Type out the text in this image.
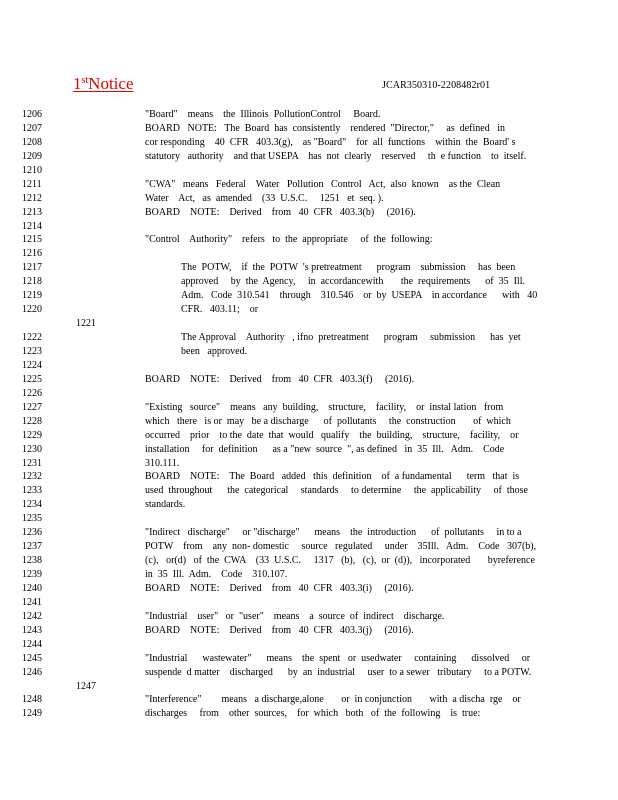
1stNotice	JCAR350310-2208482r01
1206	"Board"    means    the  Illinois  PollutionControl     Board.
1207	BOARD   NOTE:   The  Board  has  consistently    rendered  "Director,"     as  defined   in
1208	cor responding    40  CFR   403.3(g),    as "Board"    for  all  functions    within  the  Board' s
1209	statutory   authority    and that USEPA    has  not  clearly    reserved     th  e function    to  itself.
1210
1211	"CWA"   means   Federal    Water   Pollution   Control   Act,  also  known    as the  Clean
1212	Water    Act,   as  amended    (33  U.S.C.     1251   et  seq. ).
1213	BOARD    NOTE:    Derived    from   40  CFR   403.3(b)     (2016).
1214
1215	"Control    Authority"    refers   to  the  appropriate     of  the  following:
1216
1217	The  POTW,    if  the  POTW  's pretreatment      program    submission     has  been
1218	approved     by  the  Agency,     in  accordancewith       the  requirements      of  35  Ill.
1219	Adm.   Code  310.541    through    310.546    or  by  USEPA    in accordance      with   40
1220	CFR.   403.11;    or
1221
1222	The Approval    Authority   , ifno  pretreatment      program     submission      has  yet
1223	been   approved.
1224
1225	BOARD    NOTE:    Derived    from   40  CFR   403.3(f)     (2016).
1226
1227	"Existing   source"    means   any  building,    structure,    facility,    or  instal lation   from
1228	which   there   is or  may   be a discharge      of  pollutants     the  construction       of  which
1229	occurred    prior    to the  date  that  would   qualify    the  building,    structure,    facility,    or
1230	installation     for  definition      as a "new  source  ", as defined   in  35  Ill.   Adm.    Code
1231	310.111.
1232	BOARD    NOTE:    The  Board   added   this  definition    of  a fundamental      term   that  is
1233	used  throughout      the  categorical     standards     to determine     the  applicability     of  those
1234	standards.
1235
1236	"Indirect   discharge"     or "discharge"      means    the  introduction      of  pollutants     in to a
1237	POTW    from    any  non- domestic     source   regulated     under    35Ill.   Adm.    Code   307(b),
1238	(c),   or(d)   of  the  CWA    (33  U.S.C.     1317   (b),   (c),  or  (d)),   incorporated       byreference
1239	in  35  Ill.  Adm.    Code    310.107.
1240	BOARD    NOTE:    Derived    from   40  CFR   403.3(i)     (2016).
1241
1242	"Industrial    user"   or  "user"    means    a  source  of  indirect    discharge.
1243	BOARD    NOTE:    Derived    from   40  CFR   403.3(j)     (2016).
1244
1245	"Industrial      wastewater"      means    the  spent   or  usedwater     containing      dissolved     or
1246	suspende  d matter    discharged      by  an  industrial     user  to a sewer   tributary     to a POTW.
1247
1248	"Interference"        means   a discharge,alone       or  in conjunction       with  a discha  rge    or
1249	discharges     from    other  sources,    for  which   both   of  the  following    is  true:
